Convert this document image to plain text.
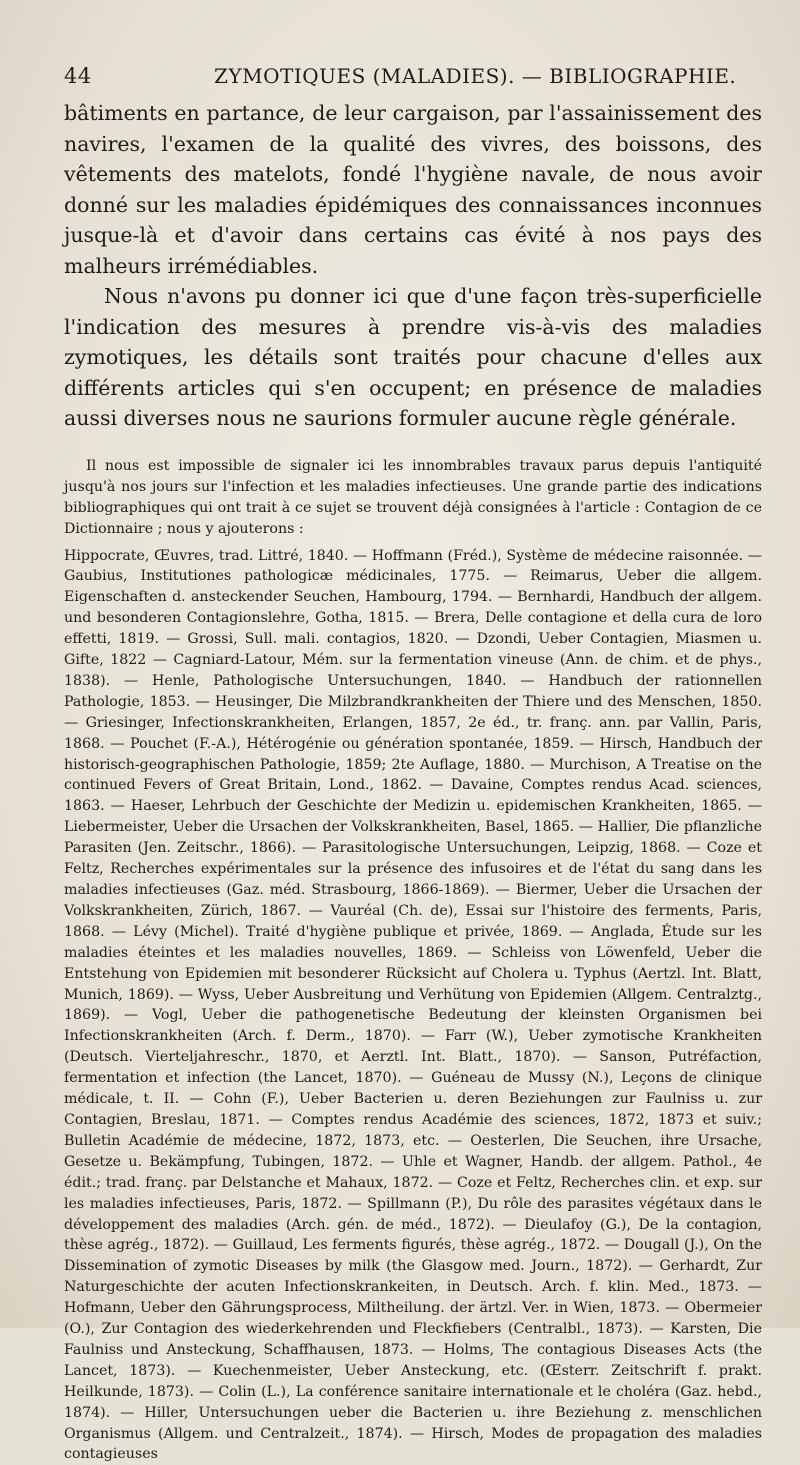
44	ZYMOTIQUES (MALADIES). — BIBLIOGRAPHIE.

bâtiments en partance, de leur cargaison, par l'assainissement des navires, l'examen de la qualité des vivres, des boissons, des vêtements des matelots, fondé l'hygiène navale, de nous avoir donné sur les maladies épidémiques des connaissances inconnues jusque-là et d'avoir dans certains cas évité à nos pays des malheurs irrémédiables.

Nous n'avons pu donner ici que d'une façon très-superficielle l'indication des mesures à prendre vis-à-vis des maladies zymotiques, les détails sont traités pour chacune d'elles aux différents articles qui s'en occupent; en présence de maladies aussi diverses nous ne saurions formuler aucune règle générale.

Il nous est impossible de signaler ici les innombrables travaux parus depuis l'antiquité jusqu'à nos jours sur l'infection et les maladies infectieuses. Une grande partie des indications bibliographiques qui ont trait à ce sujet se trouvent déjà consignées à l'article : Contagion de ce Dictionnaire ; nous y ajouterons :
Hippocrate, Œuvres, trad. Littré, 1840. — Hoffmann (Fréd.), Système de médecine raisonnée. — Gaubius, Institutiones pathologicæ médicinales, 1775. — Reimarus, Ueber die allgem. Eigenschaften d. ansteckender Seuchen, Hambourg, 1794. — Bernhardi, Handbuch der allgem. und besonderen Contagionslehre, Gotha, 1815. — Brera, Delle contagione et della cura de loro effetti, 1819. — Grossi, Sull. mali. contagios, 1820. — Dzondi, Ueber Contagien, Miasmen u. Gifte, 1822 — Cagniard-Latour, Mém. sur la fermentation vineuse (Ann. de chim. et de phys., 1838). — Henle, Pathologische Untersuchungen, 1840. — Handbuch der rationnellen Pathologie, 1853. — Heusinger, Die Milzbrandkrankheiten der Thiere und des Menschen, 1850. — Griesinger, Infectionskrankheiten, Erlangen, 1857, 2e éd., tr. franç. ann. par Vallin, Paris, 1868. — Pouchet (F.-A.), Hétérogénie ou génération spontanée, 1859. — Hirsch, Handbuch der historisch-geographischen Pathologie, 1859; 2te Auflage, 1880. — Murchison, A Treatise on the continued Fevers of Great Britain, Lond., 1862. — Davaine, Comptes rendus Acad. sciences, 1863. — Haeser, Lehrbuch der Geschichte der Medizin u. epidemischen Krankheiten, 1865. — Liebermeister, Ueber die Ursachen der Volkskrankheiten, Basel, 1865. — Hallier, Die pflanzliche Parasiten (Jen. Zeitschr., 1866). — Parasitologische Untersuchungen, Leipzig, 1868. — Coze et Feltz, Recherches expérimentales sur la présence des infusoires et de l'état du sang dans les maladies infectieuses (Gaz. méd. Strasbourg, 1866-1869). — Biermer, Ueber die Ursachen der Volkskrankheiten, Zürich, 1867. — Vauréal (Ch. de), Essai sur l'histoire des ferments, Paris, 1868. — Lévy (Michel). Traité d'hygiène publique et privée, 1869. — Anglada, Étude sur les maladies éteintes et les maladies nouvelles, 1869. — Schleiss von Löwenfeld, Ueber die Entstehung von Epidemien mit besonderer Rücksicht auf Cholera u. Typhus (Aertzl. Int. Blatt, Munich, 1869). — Wyss, Ueber Ausbreitung und Verhütung von Epidemien (Allgem. Centralztg., 1869). — Vogl, Ueber die pathogenetische Bedeutung der kleinsten Organismen bei Infectionskrankheiten (Arch. f. Derm., 1870). — Farr (W.), Ueber zymotische Krankheiten (Deutsch. Vierteljahreschr., 1870, et Aerztl. Int. Blatt., 1870). — Sanson, Putréfaction, fermentation et infection (the Lancet, 1870). — Guéneau de Mussy (N.), Leçons de clinique médicale, t. II. — Cohn (F.), Ueber Bacterien u. deren Beziehungen zur Faulniss u. zur Contagien, Breslau, 1871. — Comptes rendus Académie des sciences, 1872, 1873 et suiv.; Bulletin Académie de médecine, 1872, 1873, etc. — Oesterlen, Die Seuchen, ihre Ursache, Gesetze u. Bekämpfung, Tubingen, 1872. — Uhle et Wagner, Handb. der allgem. Pathol., 4e édit.; trad. franç. par Delstanche et Mahaux, 1872. — Coze et Feltz, Recherches clin. et exp. sur les maladies infectieuses, Paris, 1872. — Spillmann (P.), Du rôle des parasites végétaux dans le développement des maladies (Arch. gén. de méd., 1872). — Dieulafoy (G.), De la contagion, thèse agrég., 1872). — Guillaud, Les ferments figurés, thèse agrég., 1872. — Dougall (J.), On the Dissemination of zymotic Diseases by milk (the Glasgow med. Journ., 1872). — Gerhardt, Zur Naturgeschichte der acuten Infectionskrankeiten, in Deutsch. Arch. f. klin. Med., 1873. — Hofmann, Ueber den Gährungsprocess, Miltheilung. der ärtzl. Ver. in Wien, 1873. — Obermeier (O.), Zur Contagion des wiederkehrenden und Fleckfiebers (Centralbl., 1873). — Karsten, Die Faulniss und Ansteckung, Schaffhausen, 1873. — Holms, The contagious Diseases Acts (the Lancet, 1873). — Kuechenmeister, Ueber Ansteckung, etc. (Œsterr. Zeitschrift f. prakt. Heilkunde, 1873). — Colin (L.), La conférence sanitaire internationale et le choléra (Gaz. hebd., 1874). — Hiller, Untersuchungen ueber die Bacterien u. ihre Beziehung z. menschlichen Organismus (Allgem. und Centralzeit., 1874). — Hirsch, Modes de propagation des maladies contagieuses
